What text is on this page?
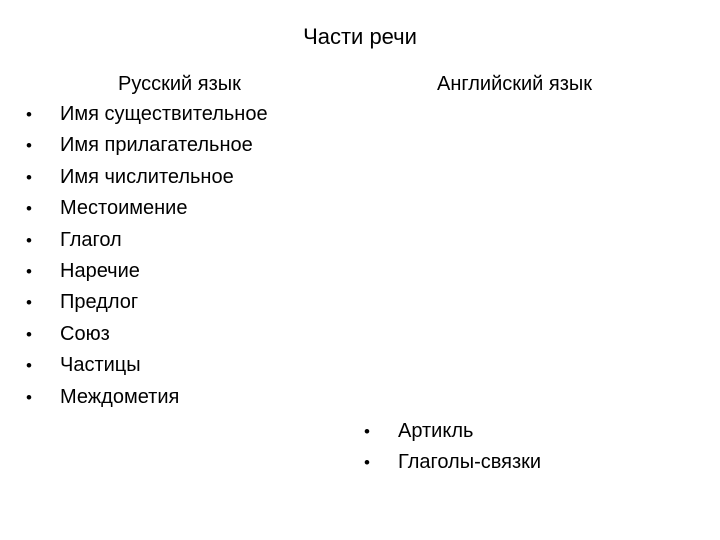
Части речи
Русский язык	Английский язык
• Имя существительное
• Имя прилагательное
• Имя числительное
• Местоимение
• Глагол
• Наречие
• Предлог
• Союз
• Частицы
• Междометия
• Артикль
• Глаголы-связки
